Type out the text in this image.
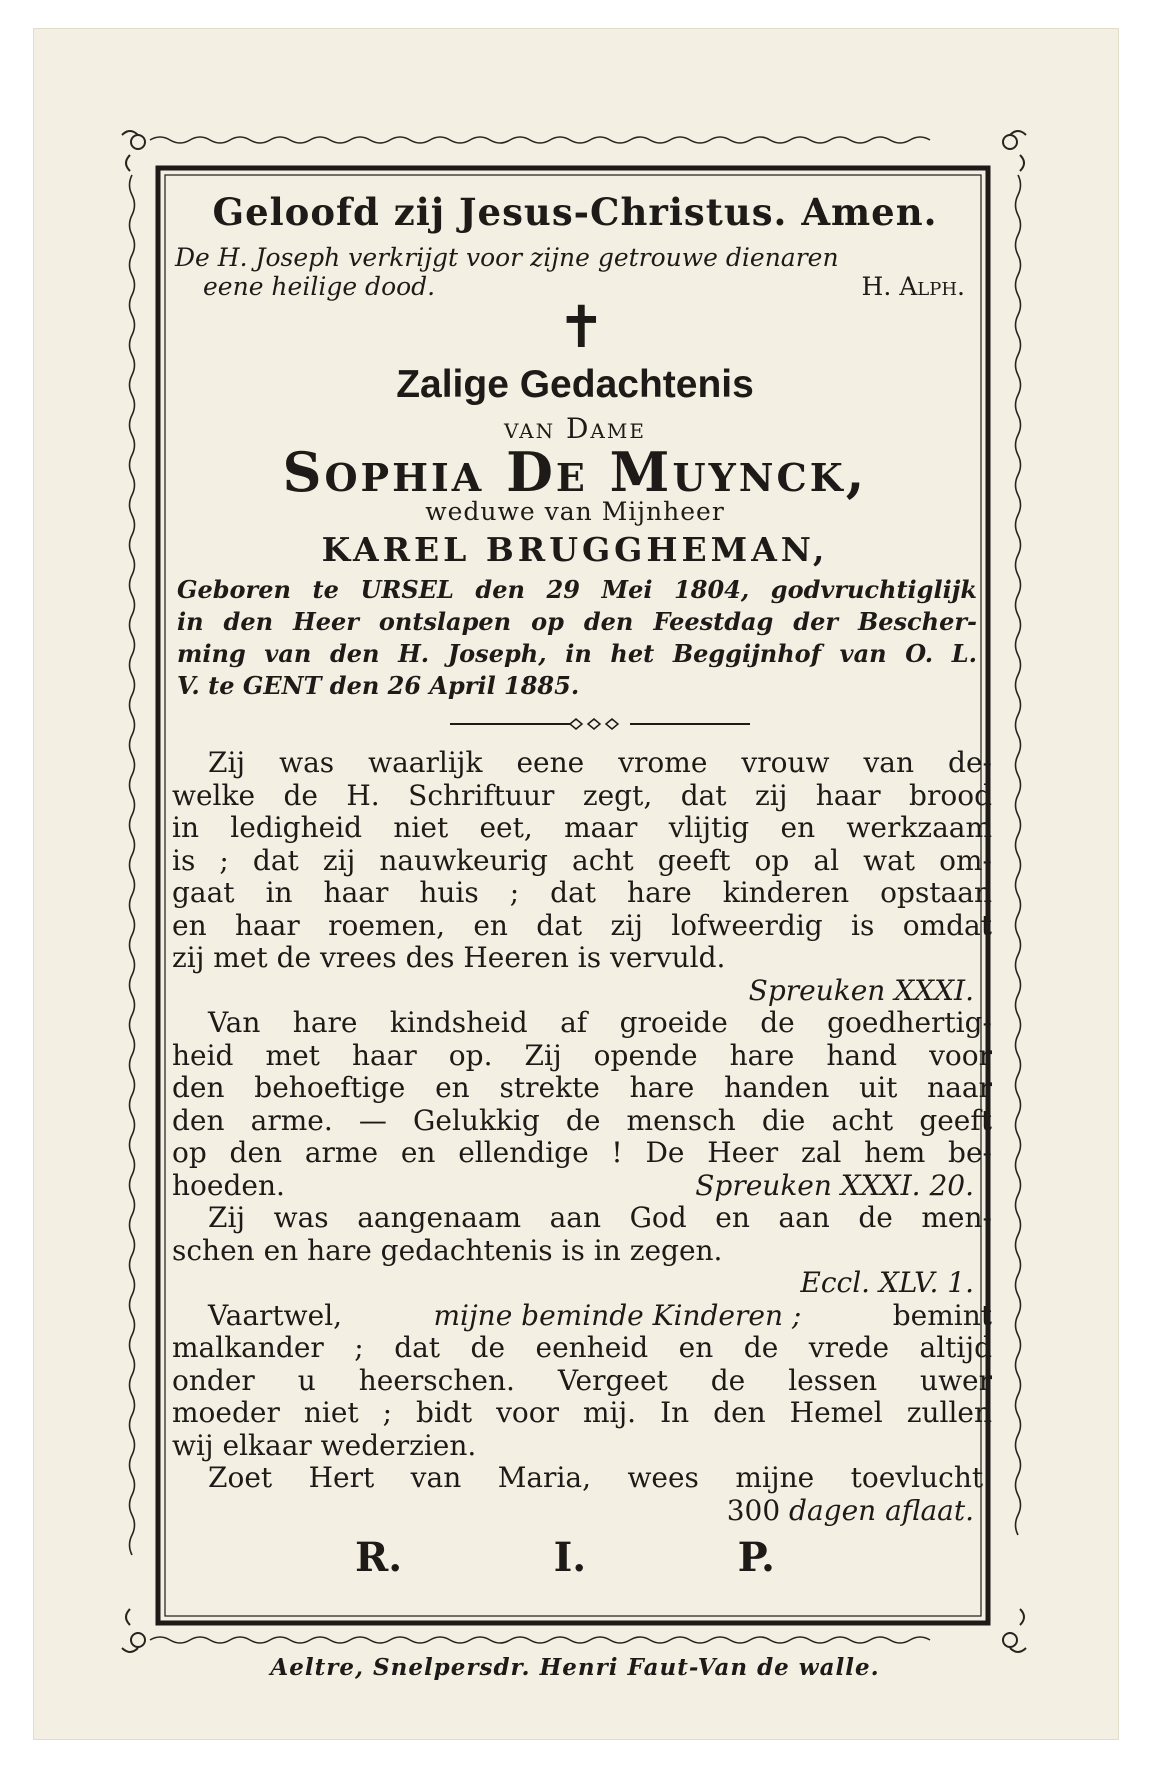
Geloofd zij Jesus-Christus. Amen.
De H. Joseph verkrijgt voor zijne getrouwe dienaren
eene heilige dood.	H. Alph.
✝
Zalige Gedachtenis
van Dame
Sophia De Muynck,
weduwe van Mijnheer
KAREL BRUGGHEMAN,
Geboren te URSEL den 29 Mei 1804, godvruchtiglijk
in den Heer ontslapen op den Feestdag der Bescher-
ming van den H. Joseph, in het Beggijnhof van O. L.
V. te GENT den 26 April 1885.
Zij was waarlijk eene vrome vrouw van de-
welke de H. Schriftuur zegt, dat zij haar brood
in ledigheid niet eet, maar vlijtig en werkzaam
is ; dat zij nauwkeurig acht geeft op al wat om-
gaat in haar huis ; dat hare kinderen opstaan
en haar roemen, en dat zij lofweerdig is omdat
zij met de vrees des Heeren is vervuld.
Spreuken XXXI.
Van hare kindsheid af groeide de goedhertig-
heid met haar op. Zij opende hare hand voor
den behoeftige en strekte hare handen uit naar
den arme. — Gelukkig de mensch die acht geeft
op den arme en ellendige ! De Heer zal hem be-
hoeden.	Spreuken XXXI. 20.
Zij was aangenaam aan God en aan de men-
schen en hare gedachtenis is in zegen.
Eccl. XLV. 1.
Vaartwel,	mijne beminde Kinderen ;	bemint
malkander ; dat de eenheid en de vrede altijd
onder u heerschen. Vergeet de lessen uwer
moeder niet ; bidt voor mij. In den Hemel zullen
wij elkaar wederzien.
Zoet Hert van Maria, wees mijne toevlucht.
300 dagen aflaat.
R.	I.	P.
Aeltre, Snelpersdr. Henri Faut-Van de walle.
